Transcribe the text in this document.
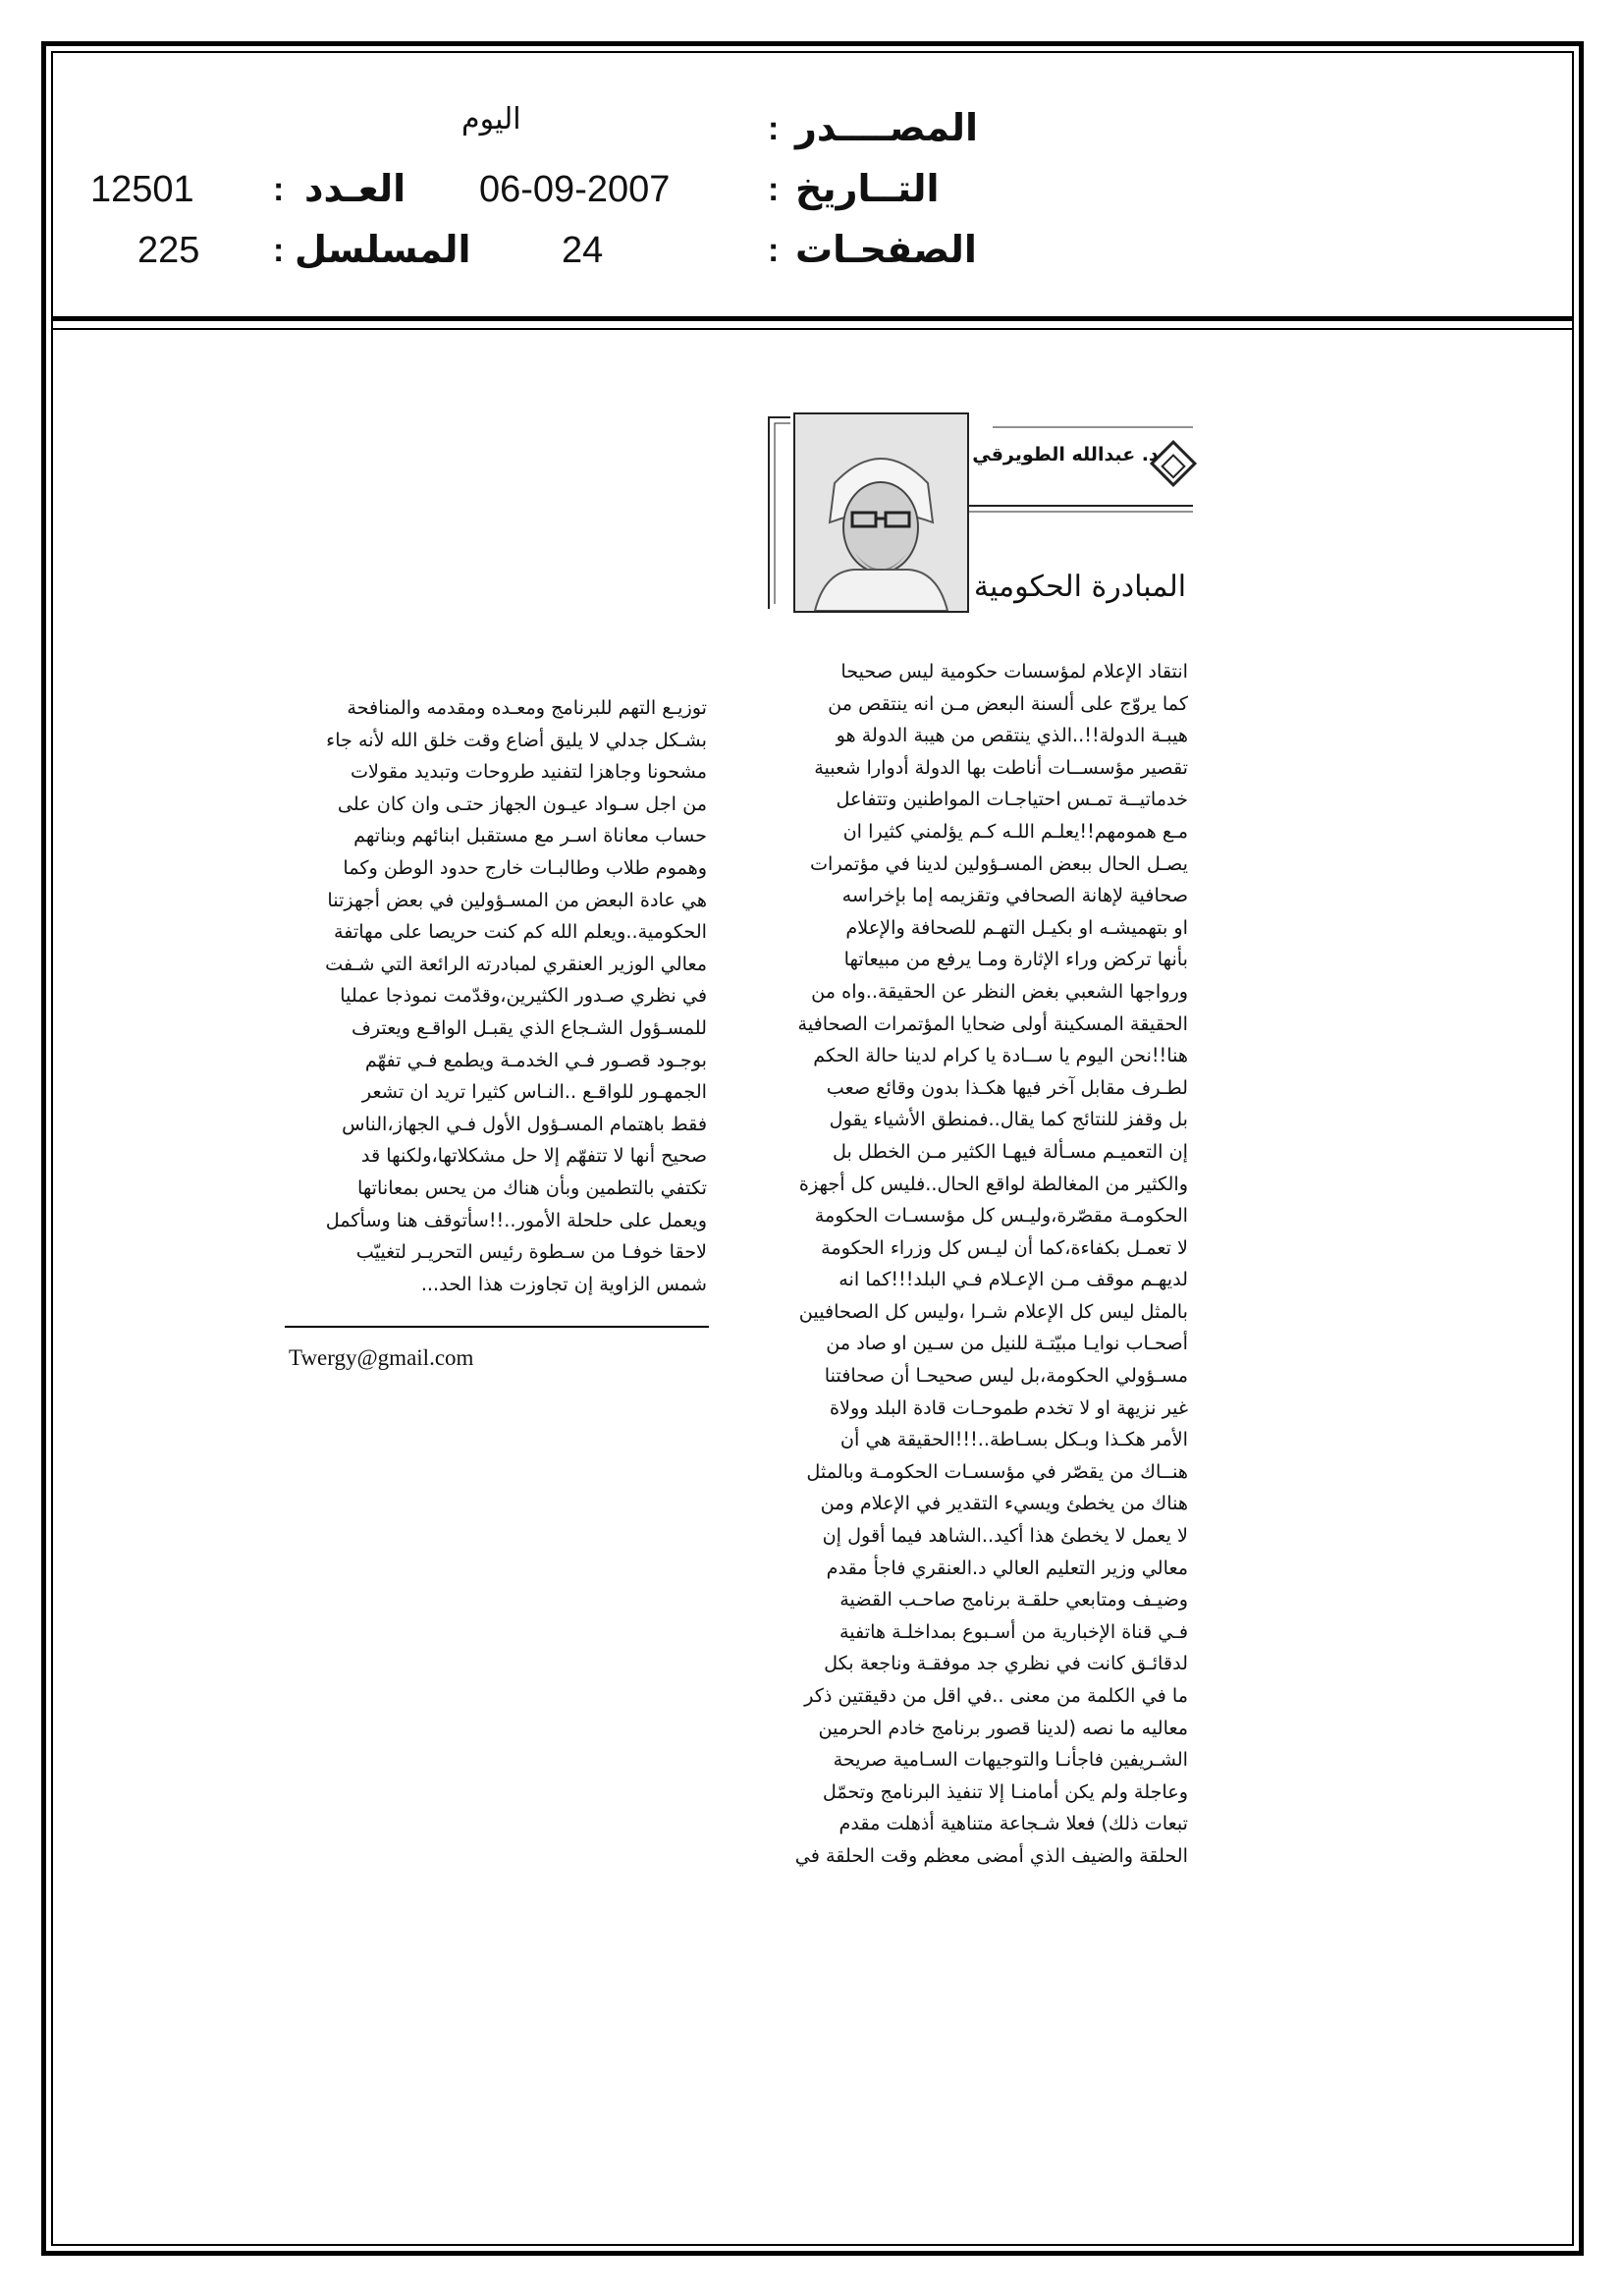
المصــــدر
:
اليوم
التــاريخ
:
06-09-2007
العـدد
:
12501
الصفحـات
:
24
المسلسل
:
225
د. عبدالله الطويرقي
المبادرة الحكومية
انتقاد الإعلام لمؤسسات حكومية ليس صحيحا
كما يروّج على ألسنة البعض مـن انه ينتقص من
هيبـة الدولة!!..الذي ينتقص من هيبة الدولة هو
تقصير مؤسســات أناطت بها الدولة أدوارا شعبية
خدماتيــة تمـس احتياجـات المواطنين وتتفاعل
مـع همومهم!!يعلـم اللـه كـم يؤلمني كثيرا ان
يصـل الحال ببعض المسـؤولين لدينا في مؤتمرات
صحافية لإهانة الصحافي وتقزيمه إما بإخراسه
او بتهميشـه او بكيـل التهـم للصحافة والإعلام
بأنها تركض وراء الإثارة ومـا يرفع من مبيعاتها
ورواجها الشعبي بغض النظر عن الحقيقة..واه من
الحقيقة المسكينة أولى ضحايا المؤتمرات الصحافية
هنا!!نحن اليوم يا ســادة يا كرام لدينا حالة الحكم
لطـرف مقابل آخر فيها هكـذا بدون وقائع صعب
بل وقفز للنتائج كما يقال..فمنطق الأشياء يقول
إن التعميـم مسـألة فيهـا الكثير مـن الخطل بل
والكثير من المغالطة لواقع الحال..فليس كل أجهزة
الحكومـة مقصّرة،وليـس كل مؤسسـات الحكومة
لا تعمـل بكفاءة،كما أن ليـس كل وزراء الحكومة
لديهـم موقف مـن الإعـلام فـي البلد!!!كما انه
بالمثل ليس كل الإعلام شـرا ،وليس كل الصحافيين
أصحـاب نوايـا مبيّتـة للنيل من سـين او صاد من
مسـؤولي الحكومة،بل ليس صحيحـا أن صحافتنا
غير نزيهة او لا تخدم طموحـات قادة البلد وولاة
الأمر هكـذا وبـكل بسـاطة..!!!الحقيقة هي أن
هنــاك من يقصّر في مؤسسـات الحكومـة وبالمثل
هناك من يخطئ ويسيء التقدير في الإعلام ومن
لا يعمل لا يخطئ هذا أكيد..الشاهد فيما أقول إن
معالي وزير التعليم العالي د.العنقري فاجأ مقدم
وضيـف ومتابعي حلقـة برنامج صاحـب القضية
فـي قناة الإخبارية من أسـبوع بمداخلـة هاتفية
لدقائـق كانت في نظري جد موفقـة وناجعة بكل
ما في الكلمة من معنى ..في اقل من دقيقتين ذكر
معاليه ما نصه (لدينا قصور برنامج خادم الحرمين
الشـريفين فاجأنـا والتوجيهات السـامية صريحة
وعاجلة ولم يكن أمامنـا إلا تنفيذ البرنامج وتحمّل
تبعات ذلك) فعلا شـجاعة متناهية أذهلت مقدم
الحلقة والضيف الذي أمضى معظم وقت الحلقة في
توزيـع التهم للبرنامج ومعـده ومقدمه والمنافحة
بشـكل جدلي لا يليق أضاع وقت خلق الله لأنه جاء
مشحونا وجاهزا لتفنيد طروحات وتبديد مقولات
من اجل سـواد عيـون الجهاز حتـى وان كان على
حساب معاناة اسـر مع مستقبل ابنائهم وبناتهم
وهموم طلاب وطالبـات خارج حدود الوطن وكما
هي عادة البعض من المسـؤولين في بعض أجهزتنا
الحكومية..ويعلم الله كم كنت حريصا على مهاتفة
معالي الوزير العنقري لمبادرته الرائعة التي شـفت
في نظري صـدور الكثيرين،وقدّمت نموذجا عمليا
للمسـؤول الشـجاع الذي يقبـل الواقـع ويعترف
بوجـود قصـور فـي الخدمـة ويطمع فـي تفهّم
الجمهـور للواقـع ..النـاس كثيرا تريد ان تشعر
فقط باهتمام المسـؤول الأول فـي الجهاز،الناس
صحيح أنها لا تتفهّم إلا حل مشكلاتها،ولكنها قد
تكتفي بالتطمين وبأن هناك من يحس بمعاناتها
ويعمل على حلحلة الأمور..!!سأتوقف هنا وسأكمل
لاحقا خوفـا من سـطوة رئيس التحريـر لتغييّب
شمس الزاوية إن تجاوزت هذا الحد...
Twergy@gmail.com
